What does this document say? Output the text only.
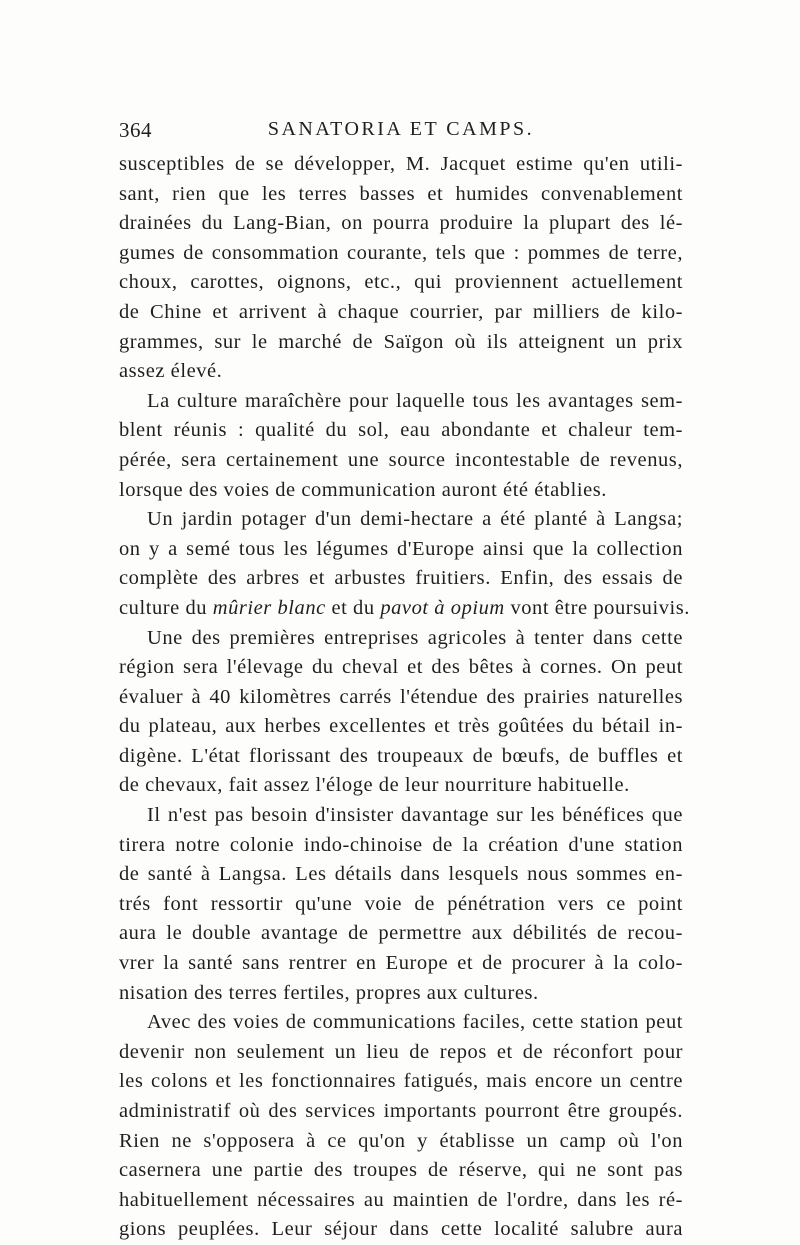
364	SANATORIA ET CAMPS.
susceptibles de se développer, M. Jacquet estime qu'en utili-
sant, rien que les terres basses et humides convenablement
drainées du Lang-Bian, on pourra produire la plupart des lé-
gumes de consommation courante, tels que : pommes de terre,
choux, carottes, oignons, etc., qui proviennent actuellement
de Chine et arrivent à chaque courrier, par milliers de kilo-
grammes, sur le marché de Saïgon où ils atteignent un prix
assez élevé.
La culture maraîchère pour laquelle tous les avantages sem-
blent réunis : qualité du sol, eau abondante et chaleur tem-
pérée, sera certainement une source incontestable de revenus,
lorsque des voies de communication auront été établies.
Un jardin potager d'un demi-hectare a été planté à Langsa;
on y a semé tous les légumes d'Europe ainsi que la collection
complète des arbres et arbustes fruitiers. Enfin, des essais de
culture du mûrier blanc et du pavot à opium vont être poursuivis.
Une des premières entreprises agricoles à tenter dans cette
région sera l'élevage du cheval et des bêtes à cornes. On peut
évaluer à 40 kilomètres carrés l'étendue des prairies naturelles
du plateau, aux herbes excellentes et très goûtées du bétail in-
digène. L'état florissant des troupeaux de bœufs, de buffles et
de chevaux, fait assez l'éloge de leur nourriture habituelle.
Il n'est pas besoin d'insister davantage sur les bénéfices que
tirera notre colonie indo-chinoise de la création d'une station
de santé à Langsa. Les détails dans lesquels nous sommes en-
trés font ressortir qu'une voie de pénétration vers ce point
aura le double avantage de permettre aux débilités de recou-
vrer la santé sans rentrer en Europe et de procurer à la colo-
nisation des terres fertiles, propres aux cultures.
Avec des voies de communications faciles, cette station peut
devenir non seulement un lieu de repos et de réconfort pour
les colons et les fonctionnaires fatigués, mais encore un centre
administratif où des services importants pourront être groupés.
Rien ne s'opposera à ce qu'on y établisse un camp où l'on
casernera une partie des troupes de réserve, qui ne sont pas
habituellement nécessaires au maintien de l'ordre, dans les ré-
gions peuplées. Leur séjour dans cette localité salubre aura
